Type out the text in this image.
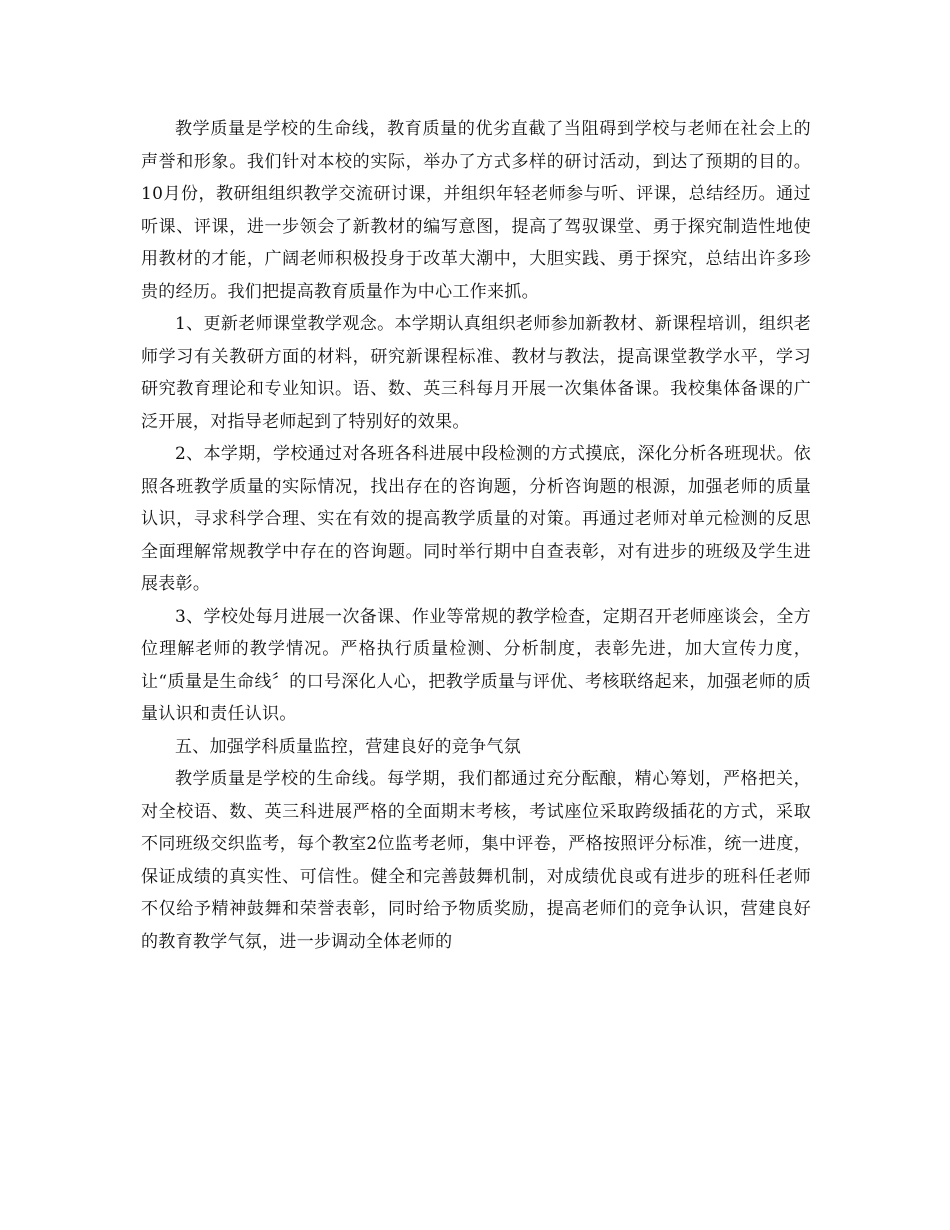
教学质量是学校的生命线，教育质量的优劣直截了当阻碍到学校与老师在社会上的声誉和形象。我们针对本校的实际，举办了方式多样的研讨活动，到达了预期的目的。10月份，教研组组织教学交流研讨课，并组织年轻老师参与听、评课，总结经历。通过听课、评课，进一步领会了新教材的编写意图，提高了驾驭课堂、勇于探究制造性地使用教材的才能，广阔老师积极投身于改革大潮中，大胆实践、勇于探究，总结出许多珍贵的经历。我们把提高教育质量作为中心工作来抓。

1、更新老师课堂教学观念。本学期认真组织老师参加新教材、新课程培训，组织老师学习有关教研方面的材料，研究新课程标准、教材与教法，提高课堂教学水平，学习研究教育理论和专业知识。语、数、英三科每月开展一次集体备课。我校集体备课的广泛开展，对指导老师起到了特别好的效果。

2、本学期，学校通过对各班各科进展中段检测的方式摸底，深化分析各班现状。依照各班教学质量的实际情况，找出存在的咨询题，分析咨询题的根源，加强老师的质量认识，寻求科学合理、实在有效的提高教学质量的对策。再通过老师对单元检测的反思全面理解常规教学中存在的咨询题。同时举行期中自查表彰，对有进步的班级及学生进展表彰。

3、学校处每月进展一次备课、作业等常规的教学检查，定期召开老师座谈会，全方位理解老师的教学情况。严格执行质量检测、分析制度，表彰先进，加大宣传力度，让“质量是生命线〞的口号深化人心，把教学质量与评优、考核联络起来，加强老师的质量认识和责任认识。

五、加强学科质量监控，营建良好的竞争气氛

教学质量是学校的生命线。每学期，我们都通过充分酝酿，精心筹划，严格把关，对全校语、数、英三科进展严格的全面期末考核，考试座位采取跨级插花的方式，采取不同班级交织监考，每个教室2位监考老师，集中评卷，严格按照评分标准，统一进度，保证成绩的真实性、可信性。健全和完善鼓舞机制，对成绩优良或有进步的班科任老师不仅给予精神鼓舞和荣誉表彰，同时给予物质奖励，提高老师们的竞争认识，营建良好的教育教学气氛，进一步调动全体老师的
